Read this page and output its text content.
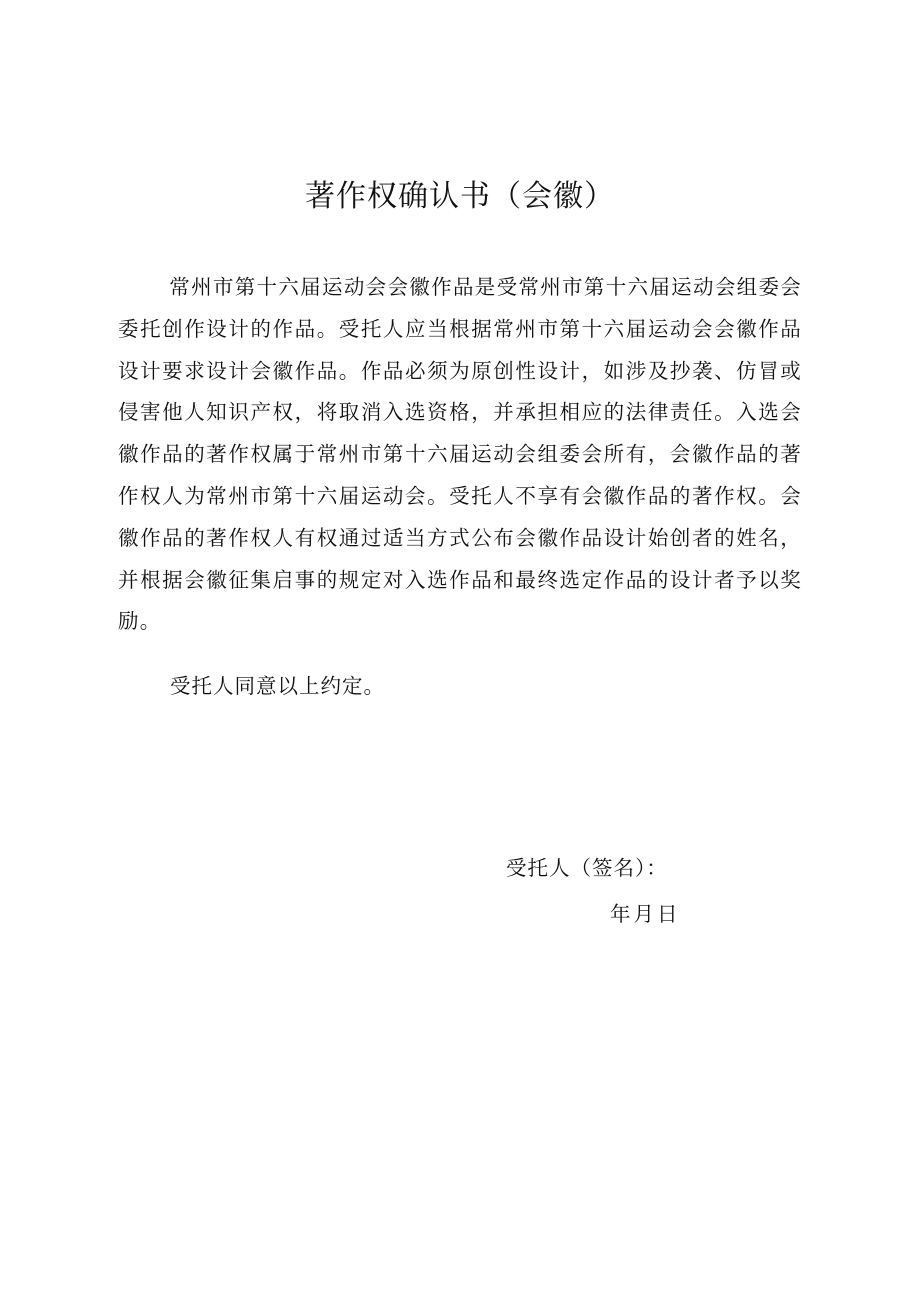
著作权确认书（会徽）

常州市第十六届运动会会徽作品是受常州市第十六届运动会组委会委托创作设计的作品。受托人应当根据常州市第十六届运动会会徽作品设计要求设计会徽作品。作品必须为原创性设计，如涉及抄袭、仿冒或侵害他人知识产权，将取消入选资格，并承担相应的法律责任。入选会徽作品的著作权属于常州市第十六届运动会组委会所有，会徽作品的著作权人为常州市第十六届运动会。受托人不享有会徽作品的著作权。会徽作品的著作权人有权通过适当方式公布会徽作品设计始创者的姓名，并根据会徽征集启事的规定对入选作品和最终选定作品的设计者予以奖励。

受托人同意以上约定。

受托人（签名）：

年月日
